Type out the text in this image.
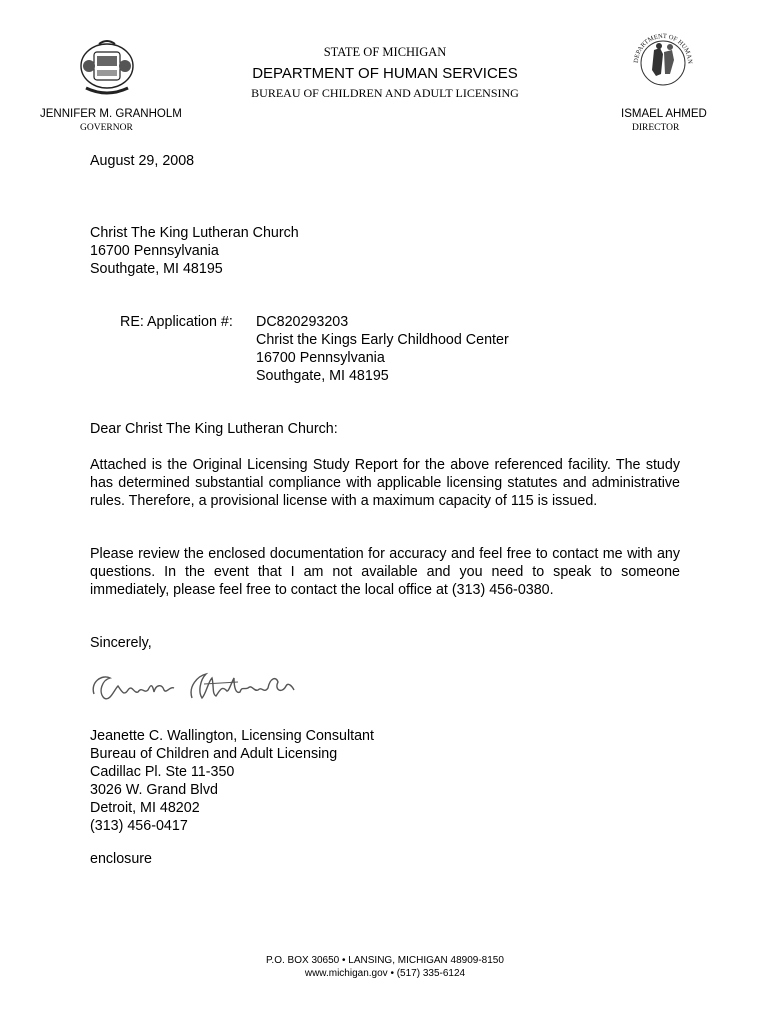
DEPARTMENT OF HUMAN
STATE OF MICHIGAN
DEPARTMENT OF HUMAN SERVICES
BUREAU OF CHILDREN AND ADULT LICENSING
JENNIFER M. GRANHOLM
GOVERNOR
ISMAEL AHMED
DIRECTOR
August 29, 2008
Christ The King Lutheran Church
16700 Pennsylvania
Southgate, MI 48195
RE: Application #: DC820293203
Christ the Kings Early Childhood Center
16700 Pennsylvania
Southgate, MI 48195
Dear Christ The King Lutheran Church:
Attached is the Original Licensing Study Report for the above referenced facility. The study has determined substantial compliance with applicable licensing statutes and administrative rules. Therefore, a provisional license with a maximum capacity of 115 is issued.
Please review the enclosed documentation for accuracy and feel free to contact me with any questions. In the event that I am not available and you need to speak to someone immediately, please feel free to contact the local office at (313) 456-0380.
Sincerely,
Jeanette C. Wallington, Licensing Consultant
Bureau of Children and Adult Licensing
Cadillac Pl. Ste 11-350
3026 W. Grand Blvd
Detroit, MI 48202
(313) 456-0417
enclosure
P.O. BOX 30650 • LANSING, MICHIGAN 48909-8150
www.michigan.gov • (517) 335-6124
